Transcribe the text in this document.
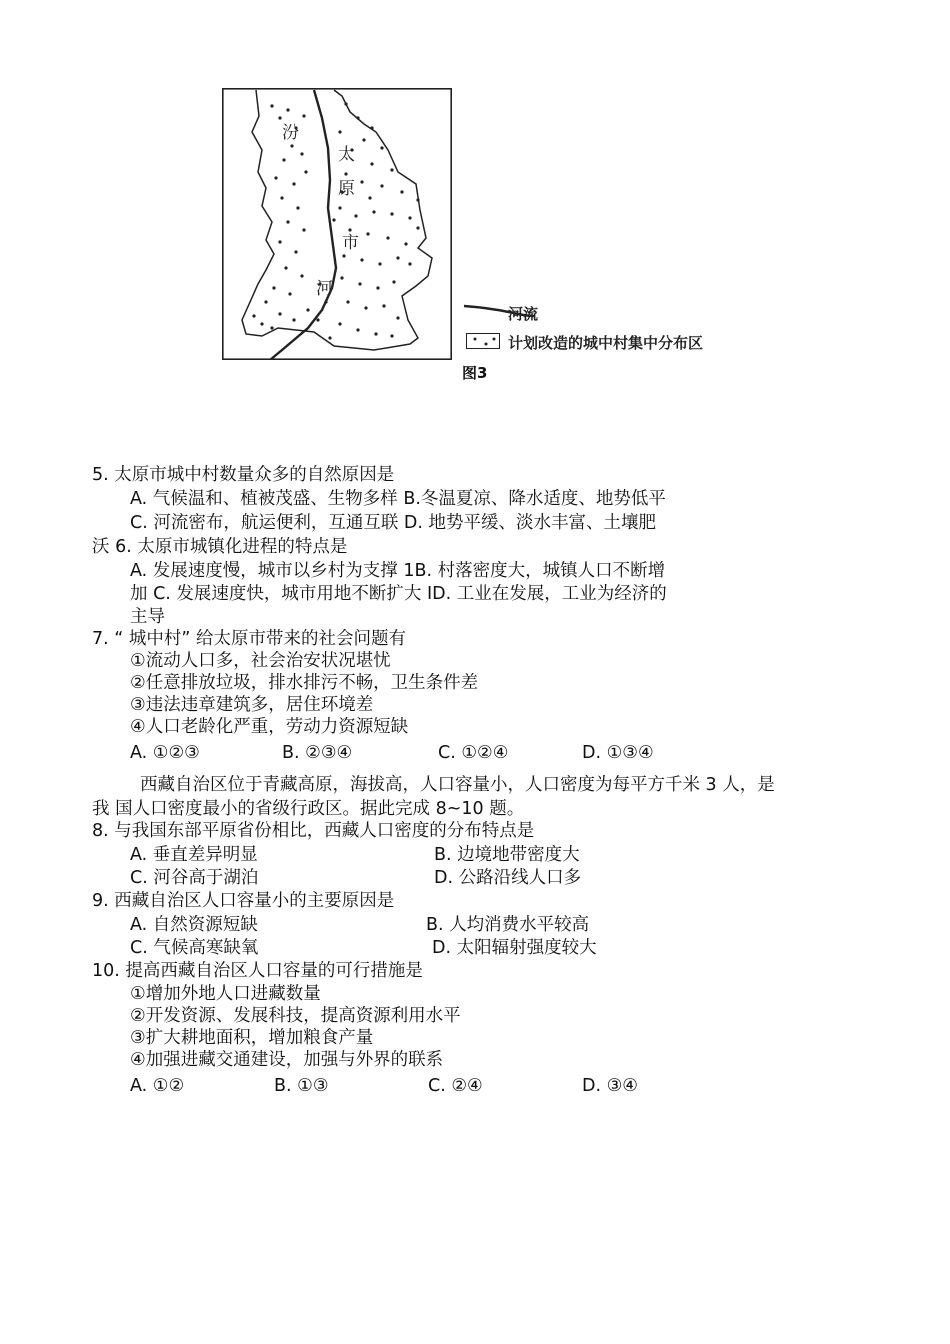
汾
太
原
市
河
河流
计划改造的城中村集中分布区
图3
5. 太原市城中村数量众多的自然原因是
A. 气候温和、植被茂盛、生物多样 B.冬温夏凉、降水适度、地势低平
C. 河流密布，航运便利，互通互联 D. 地势平缓、淡水丰富、土壤肥
沃 6. 太原市城镇化进程的特点是
A. 发展速度慢，城市以乡村为支撑 1B. 村落密度大，城镇人口不断增
加 C. 发展速度快，城市用地不断扩大 ID. 工业在发展，工业为经济的
主导
7. “ 城中村” 给太原市带来的社会问题有
①流动人口多，社会治安状况堪忧
②任意排放垃圾，排水排污不畅，卫生条件差
③违法违章建筑多，居住环境差
④人口老龄化严重，劳动力资源短缺
A. ①②③	B. ②③④	C. ①②④	D. ①③④
西藏自治区位于青藏高原，海拔高，人口容量小，人口密度为每平方千米 3 人，是
我 国人口密度最小的省级行政区。据此完成 8~10 题。
8. 与我国东部平原省份相比，西藏人口密度的分布特点是
A. 垂直差异明显	B. 边境地带密度大
C. 河谷高于湖泊	D. 公路沿线人口多
9. 西藏自治区人口容量小的主要原因是
A. 自然资源短缺	B. 人均消费水平较高
C. 气候高寒缺氧	D. 太阳辐射强度较大
10. 提高西藏自治区人口容量的可行措施是
①增加外地人口进藏数量
②开发资源、发展科技，提高资源利用水平
③扩大耕地面积，增加粮食产量
④加强进藏交通建设，加强与外界的联系
A. ①②	B. ①③	C. ②④	D. ③④
